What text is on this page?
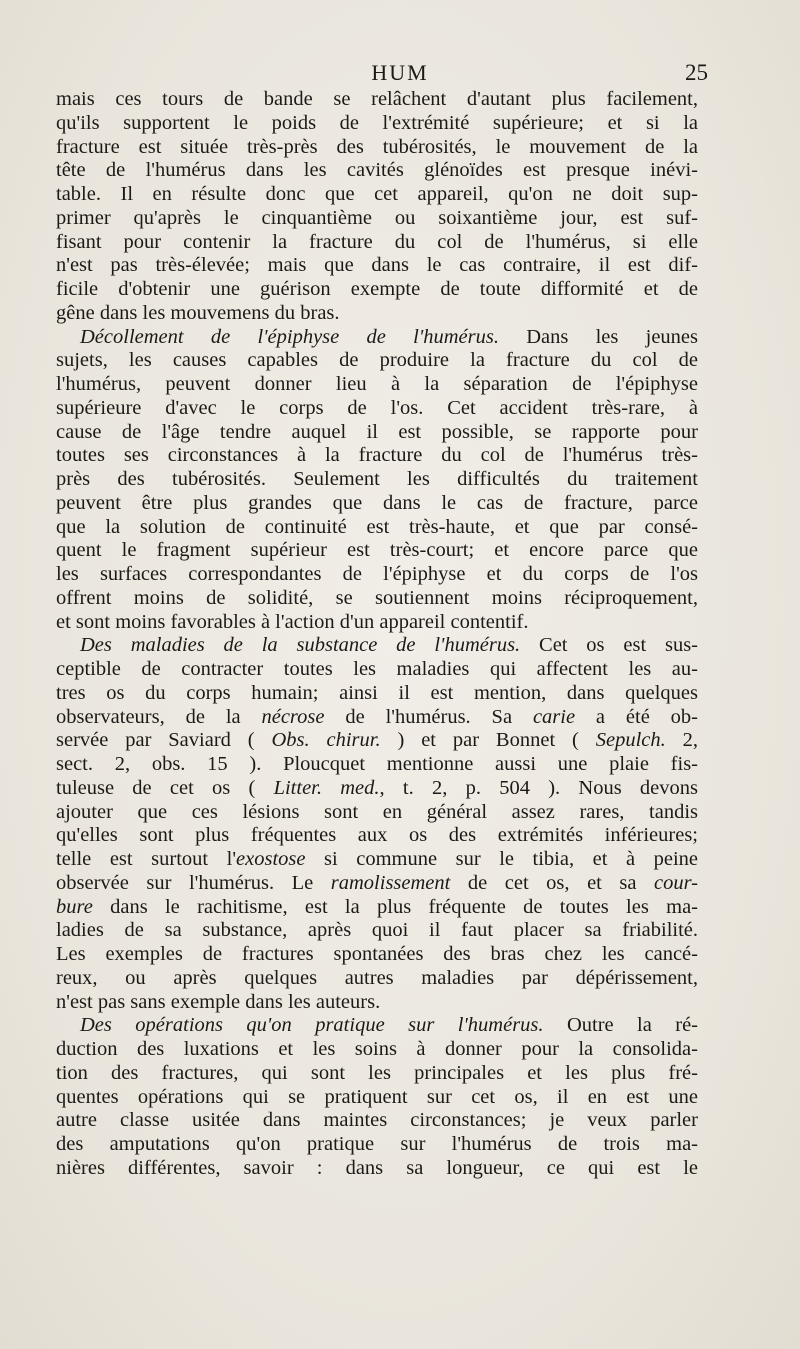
HUM	25
mais ces tours de bande se relâchent d'autant plus facilement,
qu'ils supportent le poids de l'extrémité supérieure; et si la
fracture est située très-près des tubérosités, le mouvement de la
tête de l'humérus dans les cavités glénoïdes est presque inévi-
table. Il en résulte donc que cet appareil, qu'on ne doit sup-
primer qu'après le cinquantième ou soixantième jour, est suf-
fisant pour contenir la fracture du col de l'humérus, si elle
n'est pas très-élevée; mais que dans le cas contraire, il est dif-
ficile d'obtenir une guérison exempte de toute difformité et de
gêne dans les mouvemens du bras.
Décollement de l'épiphyse de l'humérus. Dans les jeunes
sujets, les causes capables de produire la fracture du col de
l'humérus, peuvent donner lieu à la séparation de l'épiphyse
supérieure d'avec le corps de l'os. Cet accident très-rare, à
cause de l'âge tendre auquel il est possible, se rapporte pour
toutes ses circonstances à la fracture du col de l'humérus très-
près des tubérosités. Seulement les difficultés du traitement
peuvent être plus grandes que dans le cas de fracture, parce
que la solution de continuité est très-haute, et que par consé-
quent le fragment supérieur est très-court; et encore parce que
les surfaces correspondantes de l'épiphyse et du corps de l'os
offrent moins de solidité, se soutiennent moins réciproquement,
et sont moins favorables à l'action d'un appareil contentif.
Des maladies de la substance de l'humérus. Cet os est sus-
ceptible de contracter toutes les maladies qui affectent les au-
tres os du corps humain; ainsi il est mention, dans quelques
observateurs, de la nécrose de l'humérus. Sa carie a été ob-
servée par Saviard ( Obs. chirur. ) et par Bonnet ( Sepulch. 2,
sect. 2, obs. 15 ). Ploucquet mentionne aussi une plaie fis-
tuleuse de cet os ( Litter. med., t. 2, p. 504 ). Nous devons
ajouter que ces lésions sont en général assez rares, tandis
qu'elles sont plus fréquentes aux os des extrémités inférieures;
telle est surtout l'exostose si commune sur le tibia, et à peine
observée sur l'humérus. Le ramolissement de cet os, et sa cour-
bure dans le rachitisme, est la plus fréquente de toutes les ma-
ladies de sa substance, après quoi il faut placer sa friabilité.
Les exemples de fractures spontanées des bras chez les cancé-
reux, ou après quelques autres maladies par dépérissement,
n'est pas sans exemple dans les auteurs.
Des opérations qu'on pratique sur l'humérus. Outre la ré-
duction des luxations et les soins à donner pour la consolida-
tion des fractures, qui sont les principales et les plus fré-
quentes opérations qui se pratiquent sur cet os, il en est une
autre classe usitée dans maintes circonstances; je veux parler
des amputations qu'on pratique sur l'humérus de trois ma-
nières différentes, savoir : dans sa longueur, ce qui est le
